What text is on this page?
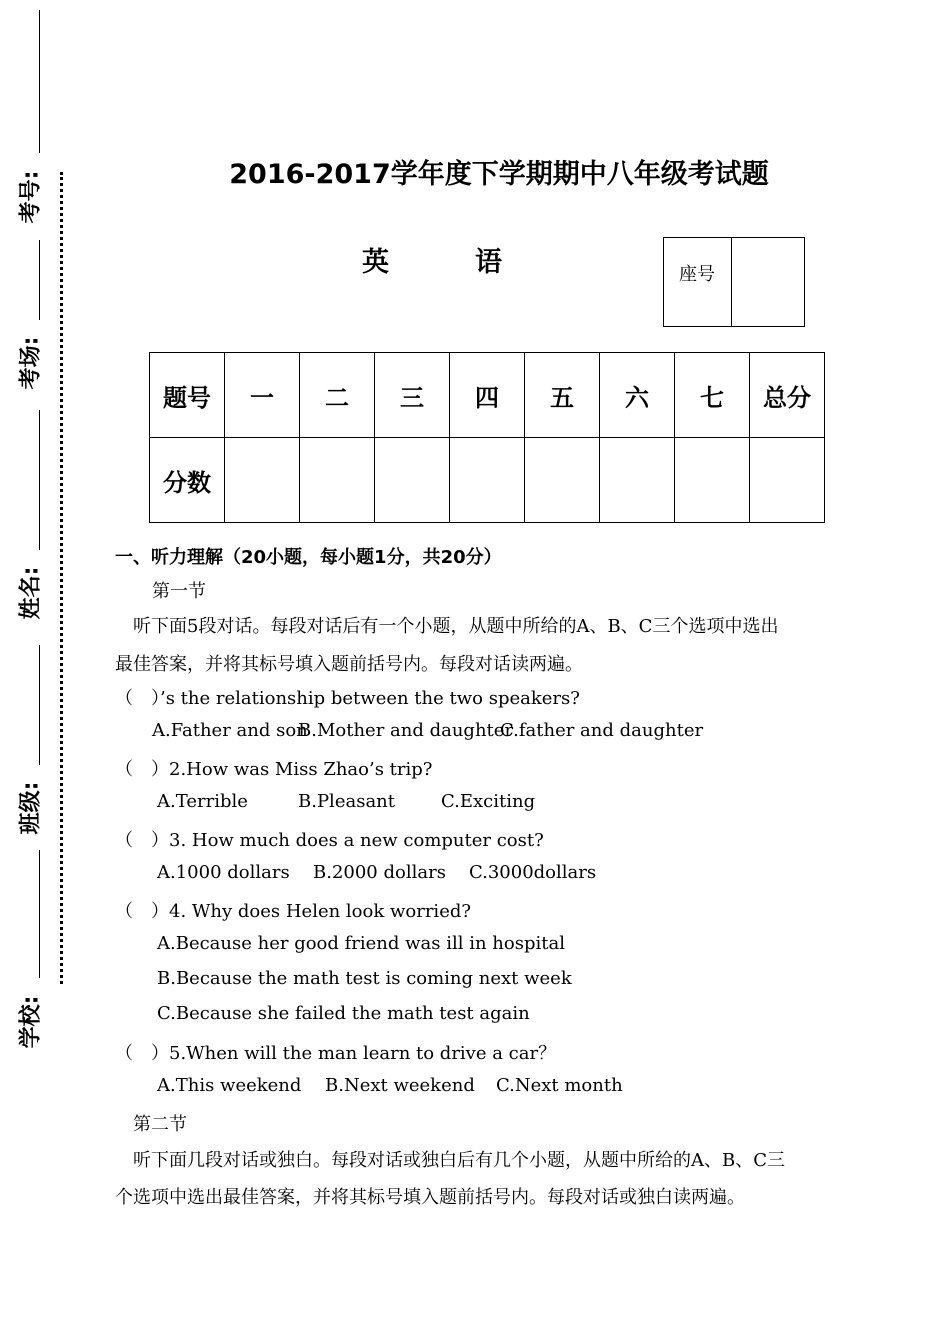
考号:
考场:
姓名:
班级:
学校:
2016-2017学年度下学期期中八年级考试题
英	语	座号
题号	一	二	三	四	五	六	七	总分
分数								
一、听力理解（20小题，每小题1分，共20分）
第一节
听下面5段对话。每段对话后有一个小题，从题中所给的A、B、C三个选项中选出
最佳答案，并将其标号填入题前括号内。每段对话读两遍。
（　）’s the relationship between the two speakers?
A.Father and sonB.Mother and daughterC.father and daughter
（　）2.How was Miss Zhao’s trip?
A.Terrible	B.Pleasant	C.Exciting
（　）3. How much does a new computer cost?
A.1000 dollars B.2000 dollars C.3000dollars
（　）4. Why does Helen look worried?
A.Because her good friend was ill in hospital
B.Because the math test is coming next week
C.Because she failed the math test again
（　）5.When will the man learn to drive a car？
A.This weekend B.Next weekend C.Next month
第二节
听下面几段对话或独白。每段对话或独白后有几个小题，从题中所给的A、B、C三
个选项中选出最佳答案，并将其标号填入题前括号内。每段对话或独白读两遍。
